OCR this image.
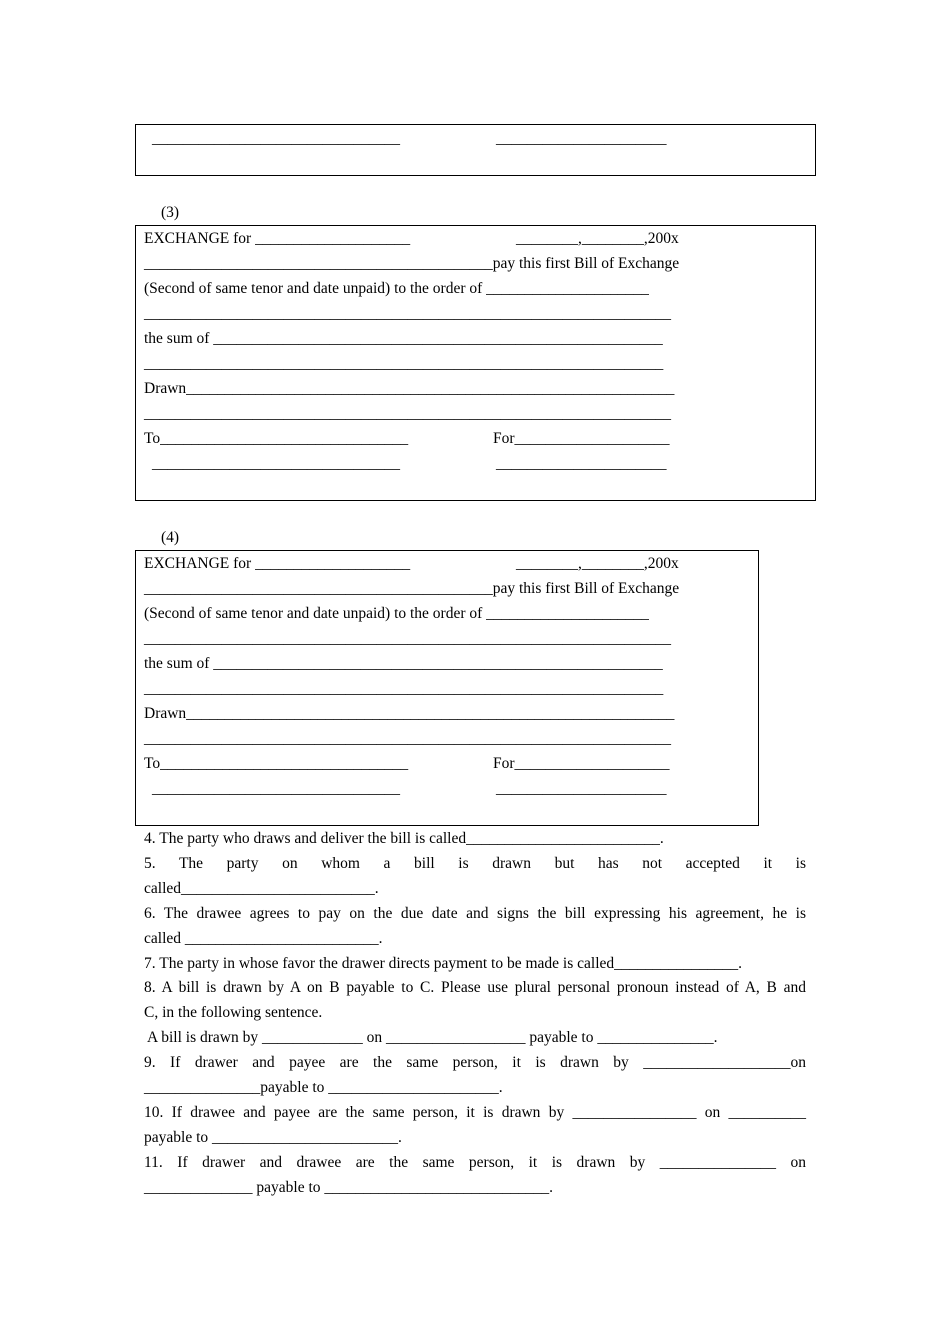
________________________________	______________________
(3)
EXCHANGE for ____________________	________,________,200x
_____________________________________________pay this first Bill of Exchange
(Second of same tenor and date unpaid) to the order of _____________________
____________________________________________________________________
the sum of __________________________________________________________
___________________________________________________________________
Drawn_______________________________________________________________
____________________________________________________________________
To________________________________	For____________________
________________________________	______________________
(4)
EXCHANGE for ____________________	________,________,200x
_____________________________________________pay this first Bill of Exchange
(Second of same tenor and date unpaid) to the order of _____________________
____________________________________________________________________
the sum of __________________________________________________________
___________________________________________________________________
Drawn_______________________________________________________________
____________________________________________________________________
To________________________________	For____________________
________________________________	______________________
4. The party who draws and deliver the bill is called_________________________.
5. The party on whom a bill is drawn but has not accepted it is
called_________________________.
6. The drawee agrees to pay on the due date and signs the bill expressing his agreement, he is
called _________________________.
7. The party in whose favor the drawer directs payment to be made is called________________.
8. A bill is drawn by A on B payable to C. Please use plural personal pronoun instead of A, B and
C, in the following sentence.
A bill is drawn by _____________ on __________________ payable to _______________.
9. If drawer and payee are the same person, it is drawn by ___________________on
_______________payable to ______________________.
10. If drawee and payee are the same person, it is drawn by ________________ on __________
payable to ________________________.
11. If drawer and drawee are the same person, it is drawn by _______________ on
______________ payable to _____________________________.
